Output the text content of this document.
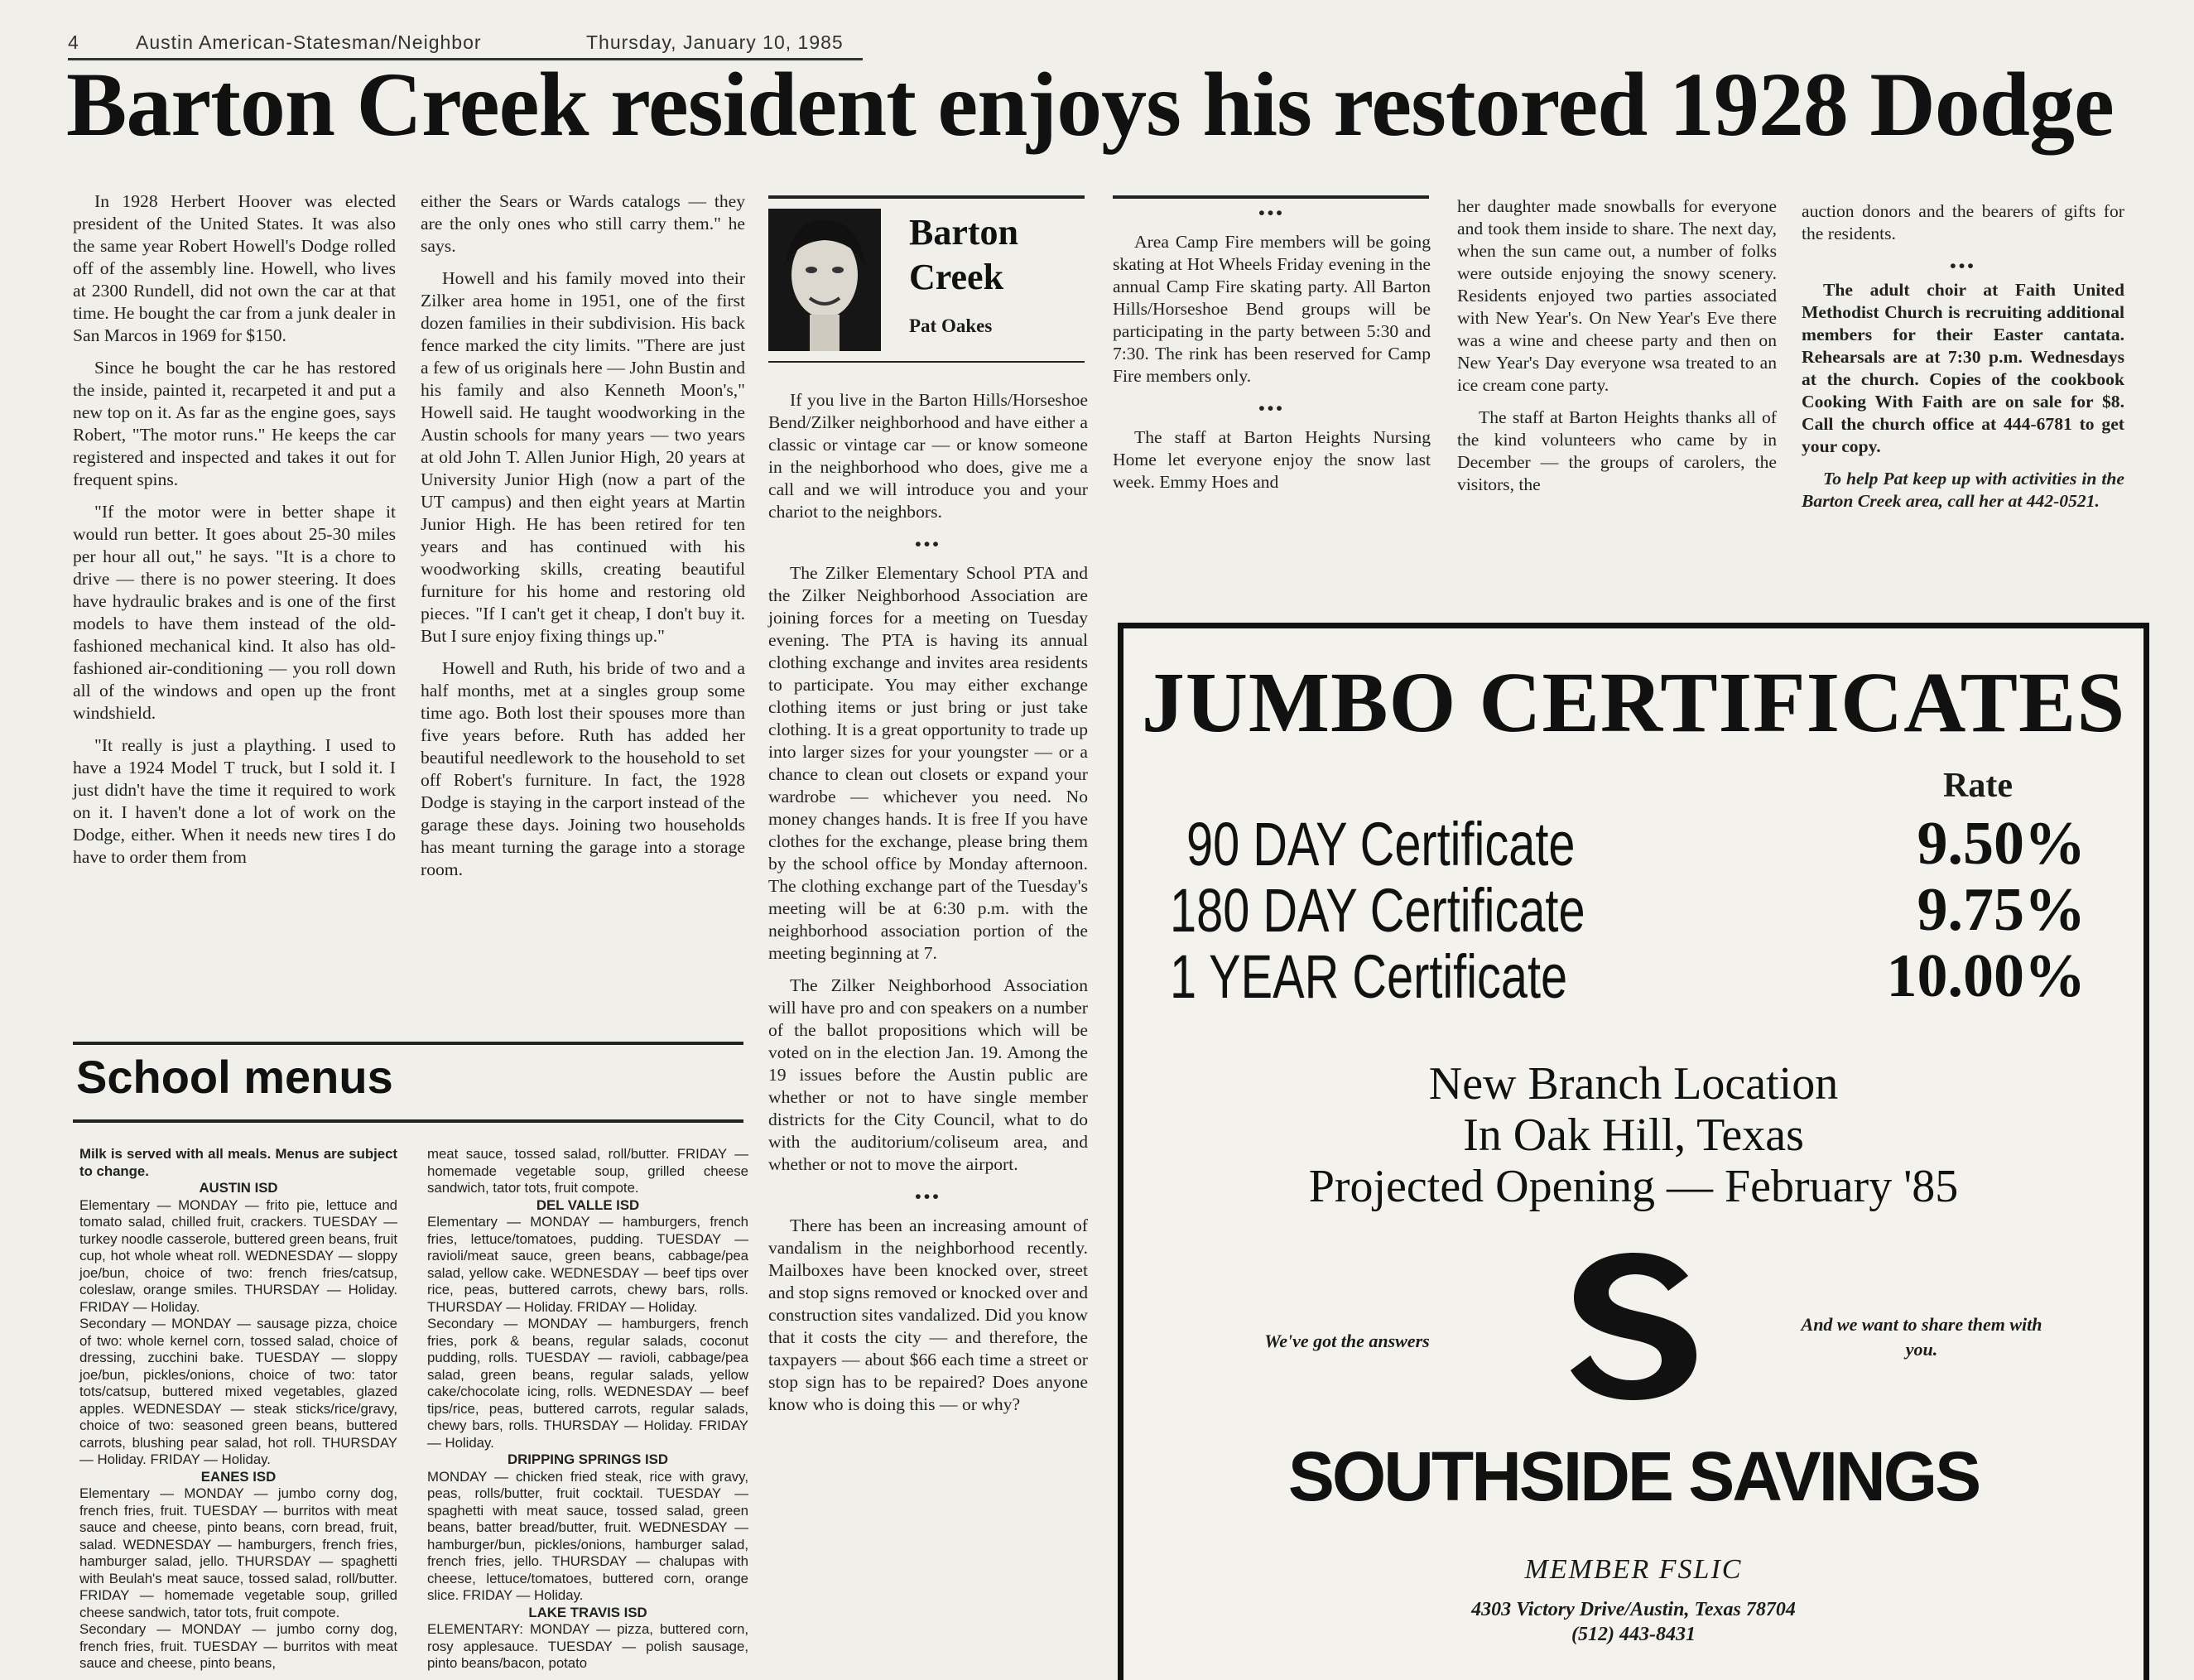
4	Austin American-Statesman/Neighbor	Thursday, January 10, 1985
Barton Creek resident enjoys his restored 1928 Dodge

In 1928 Herbert Hoover was elected president of the United States. It was also the same year Robert Howell's Dodge rolled off of the assembly line. Howell, who lives at 2300 Rundell, did not own the car at that time. He bought the car from a junk dealer in San Marcos in 1969 for $150.

Since he bought the car he has restored the inside, painted it, recarpeted it and put a new top on it. As far as the engine goes, says Robert, "The motor runs." He keeps the car registered and inspected and takes it out for frequent spins.

"If the motor were in better shape it would run better. It goes about 25-30 miles per hour all out," he says. "It is a chore to drive — there is no power steering. It does have hydraulic brakes and is one of the first models to have them instead of the old-fashioned mechanical kind. It also has old-fashioned air-conditioning — you roll down all of the windows and open up the front windshield.

"It really is just a plaything. I used to have a 1924 Model T truck, but I sold it. I just didn't have the time it required to work on it. I haven't done a lot of work on the Dodge, either. When it needs new tires I do have to order them from

either the Sears or Wards catalogs — they are the only ones who still carry them." he says.

Howell and his family moved into their Zilker area home in 1951, one of the first dozen families in their subdivision. His back fence marked the city limits. "There are just a few of us originals here — John Bustin and his family and also Kenneth Moon's," Howell said. He taught woodworking in the Austin schools for many years — two years at old John T. Allen Junior High, 20 years at University Junior High (now a part of the UT campus) and then eight years at Martin Junior High. He has been retired for ten years and has continued with his woodworking skills, creating beautiful furniture for his home and restoring old pieces. "If I can't get it cheap, I don't buy it. But I sure enjoy fixing things up."

Howell and Ruth, his bride of two and a half months, met at a singles group some time ago. Both lost their spouses more than five years before. Ruth has added her beautiful needlework to the household to set off Robert's furniture. In fact, the 1928 Dodge is staying in the carport instead of the garage these days. Joining two households has meant turning the garage into a storage room.

Barton
Creek
Pat Oakes

If you live in the Barton Hills/Horseshoe Bend/Zilker neighborhood and have either a classic or vintage car — or know someone in the neighborhood who does, give me a call and we will introduce you and your chariot to the neighbors.

•••

The Zilker Elementary School PTA and the Zilker Neighborhood Association are joining forces for a meeting on Tuesday evening. The PTA is having its annual clothing exchange and invites area residents to participate. You may either exchange clothing items or just bring or just take clothing. It is a great opportunity to trade up into larger sizes for your youngster — or a chance to clean out closets or expand your wardrobe — whichever you need. No money changes hands. It is free If you have clothes for the exchange, please bring them by the school office by Monday afternoon. The clothing exchange part of the Tuesday's meeting will be at 6:30 p.m. with the neighborhood association portion of the meeting beginning at 7.

The Zilker Neighborhood Association will have pro and con speakers on a number of the ballot propositions which will be voted on in the election Jan. 19. Among the 19 issues before the Austin public are whether or not to have single member districts for the City Council, what to do with the auditorium/coliseum area, and whether or not to move the airport.

•••

There has been an increasing amount of vandalism in the neighborhood recently. Mailboxes have been knocked over, street and stop signs removed or knocked over and construction sites vandalized. Did you know that it costs the city — and therefore, the taxpayers — about $66 each time a street or stop sign has to be repaired? Does anyone know who is doing this — or why?

•••

Area Camp Fire members will be going skating at Hot Wheels Friday evening in the annual Camp Fire skating party. All Barton Hills/Horseshoe Bend groups will be participating in the party between 5:30 and 7:30. The rink has been reserved for Camp Fire members only.

•••

The staff at Barton Heights Nursing Home let everyone enjoy the snow last week. Emmy Hoes and

her daughter made snowballs for everyone and took them inside to share. The next day, when the sun came out, a number of folks were outside enjoying the snowy scenery. Residents enjoyed two parties associated with New Year's. On New Year's Eve there was a wine and cheese party and then on New Year's Day everyone wsa treated to an ice cream cone party.

The staff at Barton Heights thanks all of the kind volunteers who came by in December — the groups of carolers, the visitors, the

auction donors and the bearers of gifts for the residents.

•••

The adult choir at Faith United Methodist Church is recruiting additional members for their Easter cantata. Rehearsals are at 7:30 p.m. Wednesdays at the church. Copies of the cookbook Cooking With Faith are on sale for $8. Call the church office at 444-6781 to get your copy.

To help Pat keep up with activities in the Barton Creek area, call her at 442-0521.

School menus

Milk is served with all meals. Menus are subject to change.

AUSTIN ISD

Elementary — MONDAY — frito pie, lettuce and tomato salad, chilled fruit, crackers. TUESDAY — turkey noodle casserole, buttered green beans, fruit cup, hot whole wheat roll. WEDNESDAY — sloppy joe/bun, choice of two: french fries/catsup, coleslaw, orange smiles. THURSDAY — Holiday. FRIDAY — Holiday.

Secondary — MONDAY — sausage pizza, choice of two: whole kernel corn, tossed salad, choice of dressing, zucchini bake. TUESDAY — sloppy joe/bun, pickles/onions, choice of two: tator tots/catsup, buttered mixed vegetables, glazed apples. WEDNESDAY — steak sticks/rice/gravy, choice of two: seasoned green beans, buttered carrots, blushing pear salad, hot roll. THURSDAY — Holiday. FRIDAY — Holiday.

EANES ISD

Elementary — MONDAY — jumbo corny dog, french fries, fruit. TUESDAY — burritos with meat sauce and cheese, pinto beans, corn bread, fruit, salad. WEDNESDAY — hamburgers, french fries, hamburger salad, jello. THURSDAY — spaghetti with Beulah's meat sauce, tossed salad, roll/butter. FRIDAY — homemade vegetable soup, grilled cheese sandwich, tator tots, fruit compote.

Secondary — MONDAY — jumbo corny dog, french fries, fruit. TUESDAY — burritos with meat sauce and cheese, pinto beans,

meat sauce, tossed salad, roll/butter. FRIDAY — homemade vegetable soup, grilled cheese sandwich, tator tots, fruit compote.

DEL VALLE ISD

Elementary — MONDAY — hamburgers, french fries, lettuce/tomatoes, pudding. TUESDAY — ravioli/meat sauce, green beans, cabbage/pea salad, yellow cake. WEDNESDAY — beef tips over rice, peas, buttered carrots, chewy bars, rolls. THURSDAY — Holiday. FRIDAY — Holiday.

Secondary — MONDAY — hamburgers, french fries, pork & beans, regular salads, coconut pudding, rolls. TUESDAY — ravioli, cabbage/pea salad, green beans, regular salads, yellow cake/chocolate icing, rolls. WEDNESDAY — beef tips/rice, peas, buttered carrots, regular salads, chewy bars, rolls. THURSDAY — Holiday. FRIDAY — Holiday.

DRIPPING SPRINGS ISD

MONDAY — chicken fried steak, rice with gravy, peas, rolls/butter, fruit cocktail. TUESDAY — spaghetti with meat sauce, tossed salad, green beans, batter bread/butter, fruit. WEDNESDAY — hamburger/bun, pickles/onions, hamburger salad, french fries, jello. THURSDAY — chalupas with cheese, lettuce/tomatoes, buttered corn, orange slice. FRIDAY — Holiday.

LAKE TRAVIS ISD

ELEMENTARY: MONDAY — pizza, buttered corn, rosy applesauce. TUESDAY — polish sausage, pinto beans/bacon, potato

JUMBO CERTIFICATES
Rate
90 DAY Certificate	9.50%
180 DAY Certificate	9.75%
1 YEAR Certificate	10.00%
New Branch Location
In Oak Hill, Texas
Projected Opening — February '85
We've got the answers
And we want to share them with you.
SOUTHSIDE SAVINGS
MEMBER FSLIC
4303 Victory Drive/Austin, Texas 78704
(512) 443-8431
